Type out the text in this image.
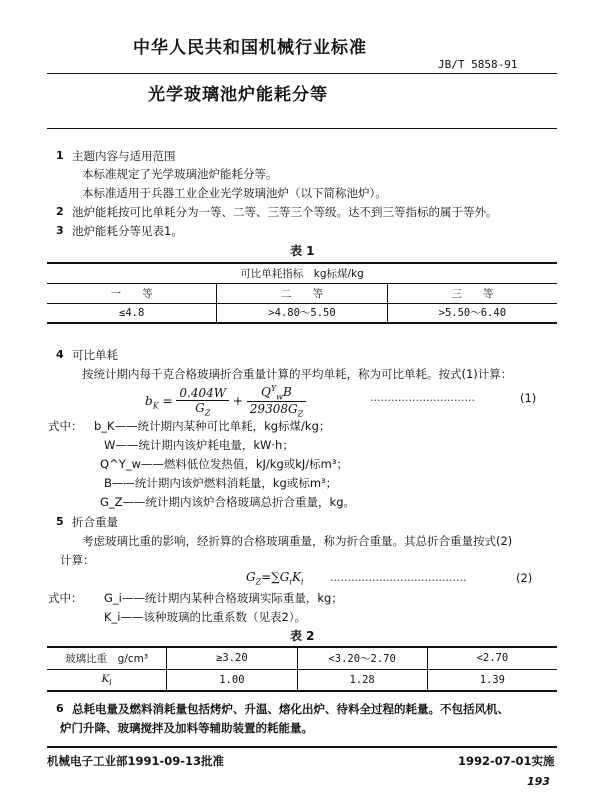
中华人民共和国机械行业标准
JB/T 5858-91
光学玻璃池炉能耗分等
1 主题内容与适用范围
本标准规定了光学玻璃池炉能耗分等。
本标准适用于兵器工业企业光学玻璃池炉（以下简称池炉）。
2 池炉能耗按可比单耗分为一等、二等、三等三个等级。达不到三等指标的属于等外。
3 池炉能耗分等见表1。
表 1
可比单耗指标　kg标煤/kg		
一　　等	二　　等	三　　等
≤4.8	>4.80～5.50	>5.50～6.40
4 可比单耗
按统计期内每千克合格玻璃折合重量计算的平均单耗，称为可比单耗。按式(1)计算：
$b_K = \frac{0.404W}{G_Z} + \frac{Q^Y_wB}{29308G_Z}$	…………………………	(1)
式中： b_K——统计期内某种可比单耗，kg标煤/kg；
W——统计期内该炉耗电量，kW·h；
Q^Y_w——燃料低位发热值，kJ/kg或kJ/标m³；
B——统计期内该炉燃料消耗量，kg或标m³；
G_Z——统计期内该炉合格玻璃总折合重量，kg。
5 折合重量
考虑玻璃比重的影响，经折算的合格玻璃重量，称为折合重量。其总折合重量按式(2)
计算：
$G_Z=\sum G_iK_i$	…………………………………	(2)
式中： G_i——统计期内某种合格玻璃实际重量，kg；
K_i——该种玻璃的比重系数（见表2）。
表 2
玻璃比重　g/cm³	≥3.20	<3.20～2.70	<2.70
$K_i$	1.00	1.28	1.39
6 总耗电量及燃料消耗量包括烤炉、升温、熔化出炉、待料全过程的耗量。不包括风机、
炉门升降、玻璃搅拌及加料等辅助装置的耗能量。
机械电子工业部1991-09-13批准	1992-07-01实施
193
